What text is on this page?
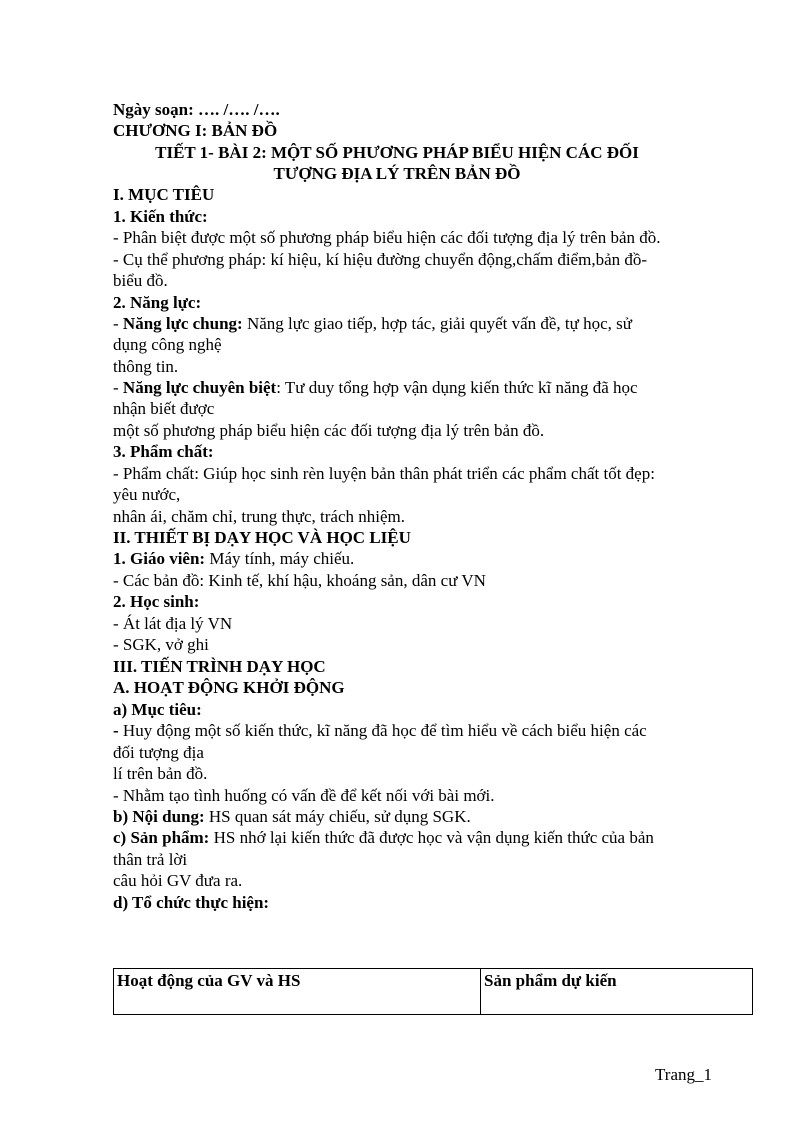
Ngày soạn: …. /…. /….
CHƯƠNG I: BẢN ĐỒ
TIẾT 1- BÀI 2: MỘT SỐ PHƯƠNG PHÁP BIỂU HIỆN CÁC ĐỐI
TƯỢNG ĐỊA LÝ TRÊN BẢN ĐỒ
I. MỤC TIÊU
1. Kiến thức:
- Phân biệt được một số phương pháp biểu hiện các đối tượng địa lý trên bản đồ.
- Cụ thể phương pháp: kí hiệu, kí hiệu đường chuyển động,chấm điểm,bản đồ-
biểu đồ.
2. Năng lực:
- Năng lực chung: Năng lực giao tiếp, hợp tác, giải quyết vấn đề, tự học, sử
dụng công nghệ
thông tin.
- Năng lực chuyên biệt: Tư duy tổng hợp vận dụng kiến thức kĩ năng đã học
nhận biết được
một số phương pháp biểu hiện các đối tượng địa lý trên bản đồ.
3. Phẩm chất:
- Phẩm chất: Giúp học sinh rèn luyện bản thân phát triển các phẩm chất tốt đẹp:
yêu nước,
nhân ái, chăm chỉ, trung thực, trách nhiệm.
II. THIẾT BỊ DẠY HỌC VÀ HỌC LIỆU
1. Giáo viên: Máy tính, máy chiếu.
- Các bản đồ: Kinh tế, khí hậu, khoáng sản, dân cư VN
2. Học sinh:
- Át lát địa lý VN
- SGK, vở ghi
III. TIẾN TRÌNH DẠY HỌC
A. HOẠT ĐỘNG KHỞI ĐỘNG
a) Mục tiêu:
- Huy động một số kiến thức, kĩ năng đã học để tìm hiểu về cách biểu hiện các
đối tượng địa
lí trên bản đồ.
- Nhằm tạo tình huống có vấn đề để kết nối với bài mới.
b) Nội dung: HS quan sát máy chiếu, sử dụng SGK.
c) Sản phẩm: HS nhớ lại kiến thức đã được học và vận dụng kiến thức của bản
thân trả lời
câu hỏi GV đưa ra.
d) Tổ chức thực hiện:
Hoạt động của GV và HS	Sản phẩm dự kiến
Trang_1
